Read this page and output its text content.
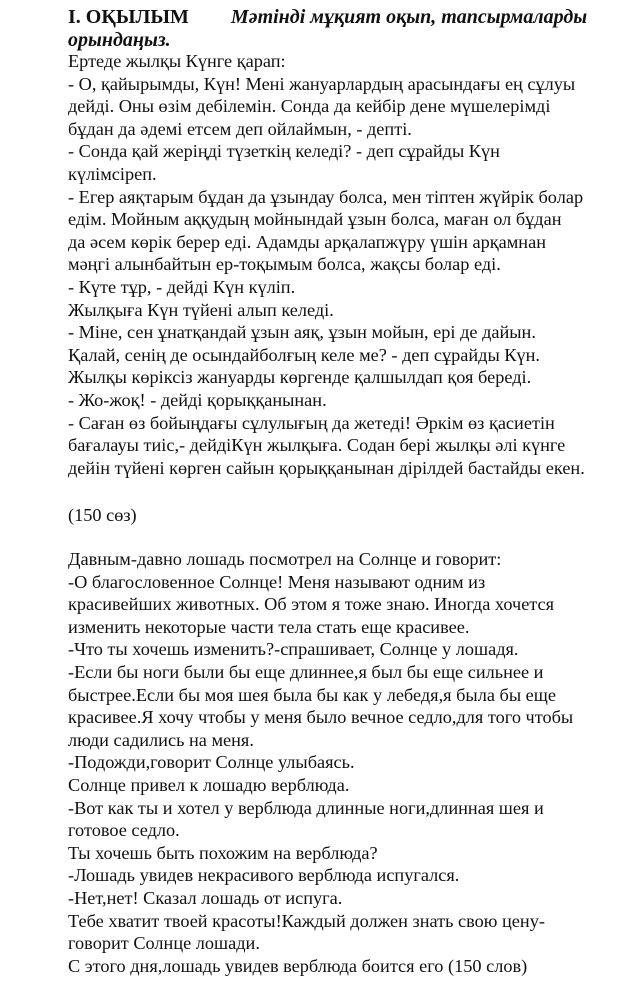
I. ОҚЫЛЫМ Мәтінді мұқият оқып, тапсырмаларды
орындаңыз.
Ертеде жылқы Күнге қарап:
- О, қайырымды, Күн! Мені жануарлардың арасындағы ең сұлуы
дейді. Оны өзім дебілемін. Сонда да кейбір дене мүшелерімді
бұдан да әдемі етсем деп ойлаймын, - депті.
- Сонда қай жеріңді түзеткің келеді? - деп сұрайды Күн
күлімсіреп.
- Егер аяқтарым бұдан да ұзындау болса, мен тіптен жүйрік болар
едім. Мойным аққудың мойнындай ұзын болса, маған ол бұдан
да әсем көрік берер еді. Адамды арқалапжүру үшін арқамнан
мәңгі алынбайтын ер-тоқымым болса, жақсы болар еді.
- Күте тұр, - дейді Күн күліп.
Жылқыға Күн түйені алып келеді.
- Міне, сен ұнатқандай ұзын аяқ, ұзын мойын, ері де дайын.
Қалай, сенің де осындайболғың келе ме? - деп сұрайды Күн.
Жылқы көріксіз жануарды көргенде қалшылдап қоя береді.
- Жо-жоқ! - дейді қорыққанынан.
- Саған өз бойыңдағы сұлулығың да жетеді! Әркім өз қасиетін
бағалауы тиіс,- дейдіКүн жылқыға. Содан бері жылқы әлі күнге
дейін түйені көрген сайын қорыққанынан дірілдей бастайды екен.
(150 сөз)
Давным-давно лошадь посмотрел на Солнце и говорит:
-О благословенное Солнце! Меня называют одним из
красивейших животных. Об этом я тоже знаю. Иногда хочется
изменить некоторые части тела стать еще красивее.
-Что ты хочешь изменить?-спрашивает, Солнце у лошадя.
-Если бы ноги были бы еще длиннее,я был бы еще сильнее и
быстрее.Если бы моя шея была бы как у лебедя,я была бы еще
красивее.Я хочу чтобы у меня было вечное седло,для того чтобы
люди садились на меня.
-Подожди,говорит Солнце улыбаясь.
Солнце привел к лошадю верблюда.
-Вот как ты и хотел у верблюда длинные ноги,длинная шея и
готовое седло.
Ты хочешь быть похожим на верблюда?
-Лошадь увидев некрасивого верблюда испугался.
-Нет,нет! Сказал лошадь от испуга.
Тебе хватит твоей красоты!Каждый должен знать свою цену-
говорит Солнце лошади.
С этого дня,лошадь увидев верблюда боится его (150 слов)
